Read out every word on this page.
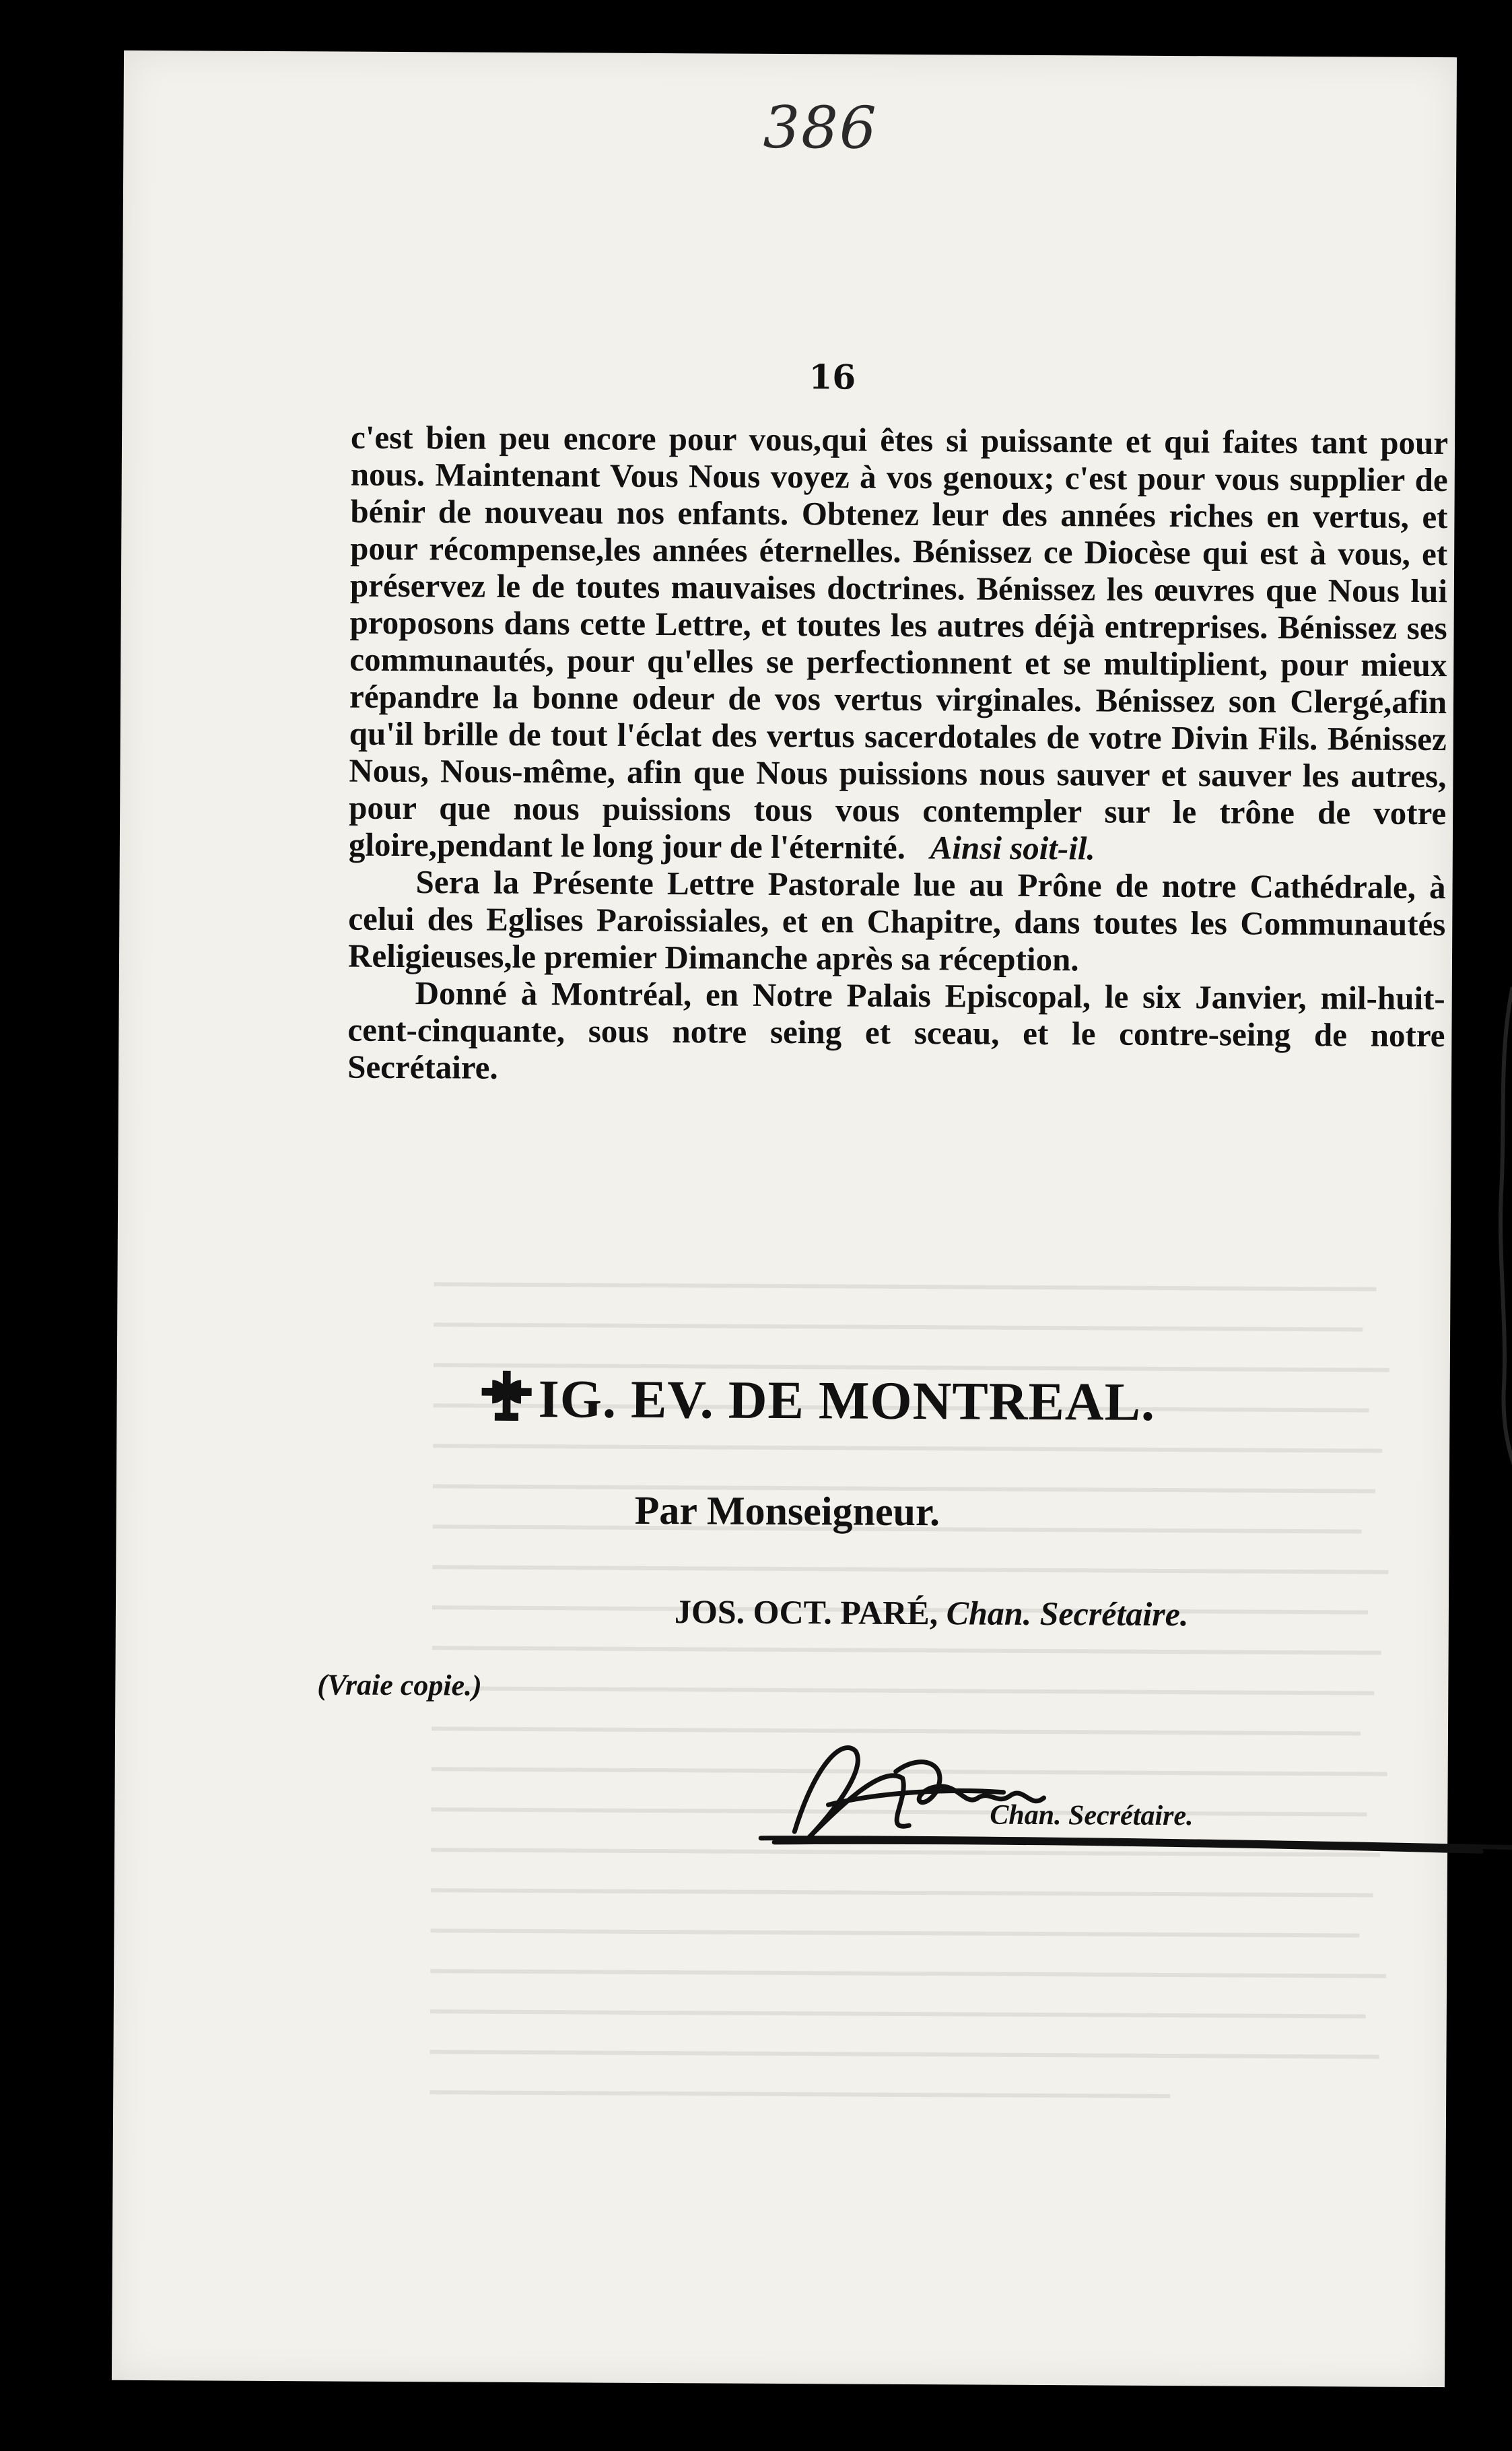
386
16

c'est bien peu encore pour vous,qui êtes si puissante et qui faites tant pour nous. Maintenant Vous Nous voyez à vos genoux; c'est pour vous supplier de bénir de nouveau nos enfants. Obtenez leur des années riches en vertus, et pour récompense,les années éternelles. Bénissez ce Diocèse qui est à vous, et préservez le de toutes mauvaises doctrines. Bénissez les œuvres que Nous lui proposons dans cette Lettre, et toutes les autres déjà entreprises. Bénissez ses communautés, pour qu'elles se perfectionnent et se multiplient, pour mieux répandre la bonne odeur de vos vertus virginales. Bénissez son Clergé,afin qu'il brille de tout l'éclat des vertus sacerdotales de votre Divin Fils. Bénissez Nous, Nous-même, afin que Nous puissions nous sauver et sauver les autres, pour que nous puissions tous vous contempler sur le trône de votre gloire,pendant le long jour de l'éternité. Ainsi soit-il.

Sera la Présente Lettre Pastorale lue au Prône de notre Cathédrale, à celui des Eglises Paroissiales, et en Chapitre, dans toutes les Communautés Religieuses,le premier Dimanche après sa réception.

Donné à Montréal, en Notre Palais Episcopal, le six Janvier, mil-huit-cent-cinquante, sous notre seing et sceau, et le contre-seing de notre Secrétaire.

IG. EV. DE MONTREAL.
Par Monseigneur.
JOS. OCT. PARÉ, Chan. Secrétaire.
(Vraie copie.)
Chan. Secrétaire.
